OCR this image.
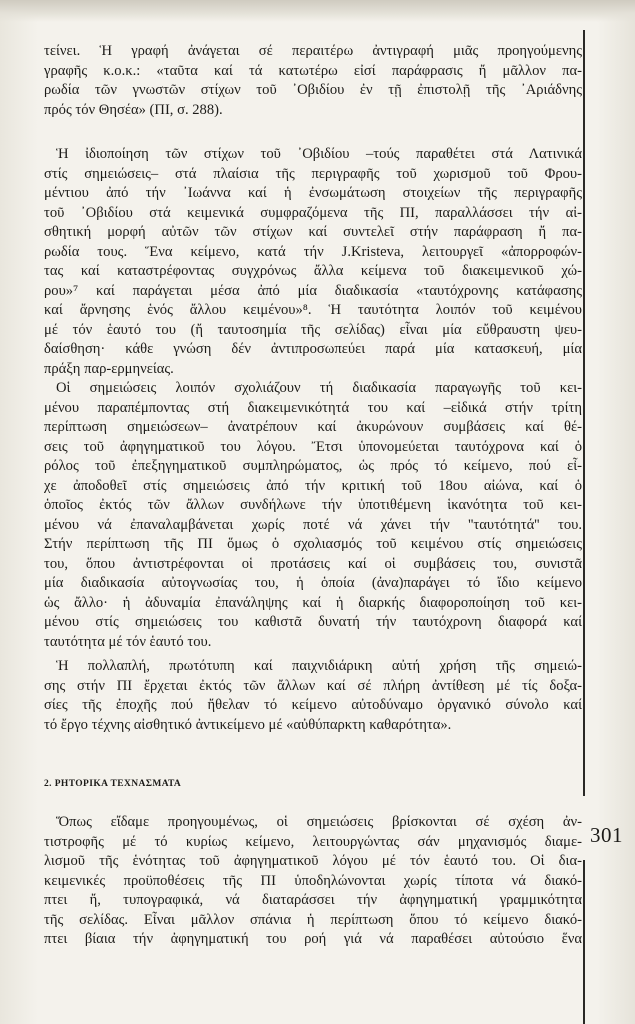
301
τείνει. Ἡ γραφή ἀνάγεται σέ περαιτέρω ἀντιγραφή μιᾶς προηγούμενης
γραφῆς κ.ο.κ.: «ταῦτα καί τά κατωτέρω εἰσί παράφρασις ἤ μᾶλλον πα-
ρωδία τῶν γνωστῶν στίχων τοῦ ᾿Οβιδίου ἐν τῇ ἐπιστολῇ τῆς ᾿Αριάδνης
πρός τόν Θησέα» (ΠΙ, σ. 288).
Ἡ ἰδιοποίηση τῶν στίχων τοῦ ᾿Οβιδίου –τούς παραθέτει στά Λατινικά
στίς σημειώσεις– στά πλαίσια τῆς περιγραφῆς τοῦ χωρισμοῦ τοῦ Φρου-
μέντιου ἀπό τήν ᾿Ιωάννα καί ἡ ἐνσωμάτωση στοιχείων τῆς περιγραφῆς
τοῦ ᾿Οβιδίου στά κειμενικά συμφραζόμενα τῆς ΠΙ, παραλλάσσει τήν αἰ-
σθητική μορφή αὐτῶν τῶν στίχων καί συντελεῖ στήν παράφραση ἤ πα-
ρωδία τους. Ἕνα κείμενο, κατά τήν J.Kristeva, λειτουργεῖ «ἀπορροφών-
τας καί καταστρέφοντας συγχρόνως ἄλλα κείμενα τοῦ διακειμενικοῦ χώ-
ρου»⁷ καί παράγεται μέσα ἀπό μία διαδικασία «ταυτόχρονης κατάφασης
καί ἄρνησης ἑνός ἄλλου κειμένου»⁸. Ἡ ταυτότητα λοιπόν τοῦ κειμένου
μέ τόν ἑαυτό του (ἤ ταυτοσημία τῆς σελίδας) εἶναι μία εὔθραυστη ψευ-
δαίσθηση· κάθε γνώση δέν ἀντιπροσωπεύει παρά μία κατασκευή, μία
πράξη παρ-ερμηνείας.
Οἱ σημειώσεις λοιπόν σχολιάζουν τή διαδικασία παραγωγῆς τοῦ κει-
μένου παραπέμποντας στή διακειμενικότητά του καί –εἰδικά στήν τρίτη
περίπτωση σημειώσεων– ἀνατρέπουν καί ἀκυρώνουν συμβάσεις καί θέ-
σεις τοῦ ἀφηγηματικοῦ του λόγου. Ἔτσι ὑπονομεύεται ταυτόχρονα καί ὁ
ρόλος τοῦ ἐπεξηγηματικοῦ συμπληρώματος, ὡς πρός τό κείμενο, πού εἶ-
χε ἀποδοθεῖ στίς σημειώσεις ἀπό τήν κριτική τοῦ 18ου αἰώνα, καί ὁ
ὁποῖος ἐκτός τῶν ἄλλων συνδήλωνε τήν ὑποτιθέμενη ἱκανότητα τοῦ κει-
μένου νά ἐπαναλαμβάνεται χωρίς ποτέ νά χάνει τήν ''ταυτότητά'' του.
Στήν περίπτωση τῆς ΠΙ ὅμως ὁ σχολιασμός τοῦ κειμένου στίς σημειώσεις
του, ὅπου ἀντιστρέφονται οἱ προτάσεις καί οἱ συμβάσεις του, συνιστᾶ
μία διαδικασία αὐτογνωσίας του, ἡ ὁποία (ἀνα)παράγει τό ἴδιο κείμενο
ὡς ἄλλο· ἡ ἀδυναμία ἐπανάληψης καί ἡ διαρκής διαφοροποίηση τοῦ κει-
μένου στίς σημειώσεις του καθιστᾶ δυνατή τήν ταυτόχρονη διαφορά καί
ταυτότητα μέ τόν ἑαυτό του.
Ἡ πολλαπλή, πρωτότυπη καί παιχνιδιάρικη αὐτή χρήση τῆς σημειώ-
σης στήν ΠΙ ἔρχεται ἐκτός τῶν ἄλλων καί σέ πλήρη ἀντίθεση μέ τίς δοξα-
σίες τῆς ἐποχῆς πού ἤθελαν τό κείμενο αὐτοδύναμο ὀργανικό σύνολο καί
τό ἔργο τέχνης αἰσθητικό ἀντικείμενο μέ «αὐθύπαρκτη καθαρότητα».
2. ΡΗΤΟΡΙΚΑ ΤΕΧΝΑΣΜΑΤΑ
Ὅπως εἴδαμε προηγουμένως, οἱ σημειώσεις βρίσκονται σέ σχέση ἀν-
τιστροφῆς μέ τό κυρίως κείμενο, λειτουργώντας σάν μηχανισμός διαμε-
λισμοῦ τῆς ἑνότητας τοῦ ἀφηγηματικοῦ λόγου μέ τόν ἑαυτό του. Οἱ δια-
κειμενικές προϋποθέσεις τῆς ΠΙ ὑποδηλώνονται χωρίς τίποτα νά διακό-
πτει ἤ, τυπογραφικά, νά διαταράσσει τήν ἀφηγηματική γραμμικότητα
τῆς σελίδας. Εἶναι μᾶλλον σπάνια ἡ περίπτωση ὅπου τό κείμενο διακό-
πτει βίαια τήν ἀφηγηματική του ροή γιά νά παραθέσει αὐτούσιο ἕνα
